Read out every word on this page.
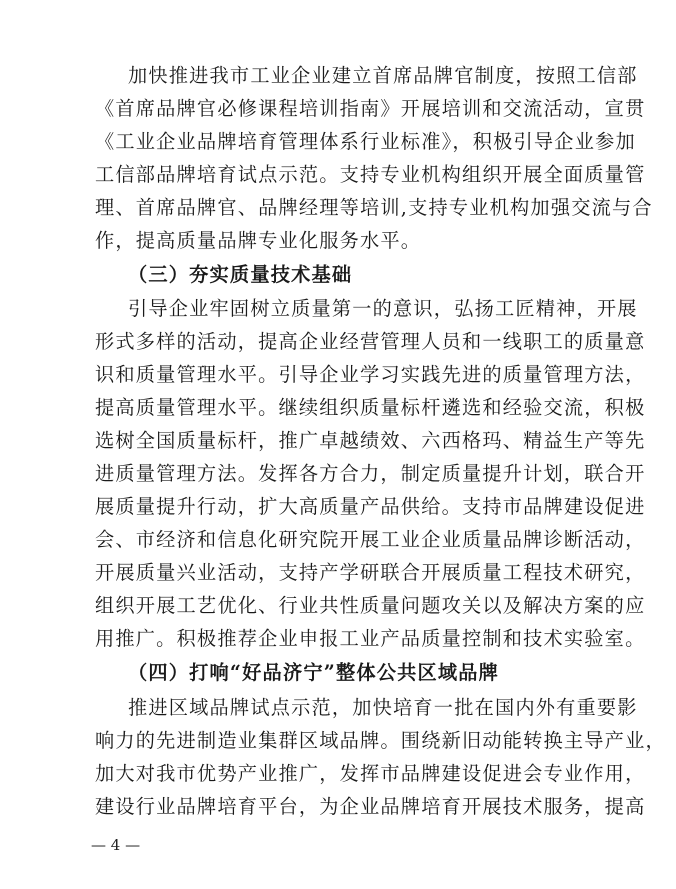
加快推进我市工业企业建立首席品牌官制度，按照工信部
《首席品牌官必修课程培训指南》开展培训和交流活动，宣贯
《工业企业品牌培育管理体系行业标准》，积极引导企业参加
工信部品牌培育试点示范。支持专业机构组织开展全面质量管
理、首席品牌官、品牌经理等培训,支持专业机构加强交流与合
作，提高质量品牌专业化服务水平。
（三）夯实质量技术基础
引导企业牢固树立质量第一的意识，弘扬工匠精神，开展
形式多样的活动，提高企业经营管理人员和一线职工的质量意
识和质量管理水平。引导企业学习实践先进的质量管理方法，
提高质量管理水平。继续组织质量标杆遴选和经验交流，积极
选树全国质量标杆，推广卓越绩效、六西格玛、精益生产等先
进质量管理方法。发挥各方合力，制定质量提升计划，联合开
展质量提升行动，扩大高质量产品供给。支持市品牌建设促进
会、市经济和信息化研究院开展工业企业质量品牌诊断活动，
开展质量兴业活动，支持产学研联合开展质量工程技术研究，
组织开展工艺优化、行业共性质量问题攻关以及解决方案的应
用推广。积极推荐企业申报工业产品质量控制和技术实验室。
（四）打响“好品济宁”整体公共区域品牌
推进区域品牌试点示范，加快培育一批在国内外有重要影
响力的先进制造业集群区域品牌。围绕新旧动能转换主导产业，
加大对我市优势产业推广，发挥市品牌建设促进会专业作用，
建设行业品牌培育平台，为企业品牌培育开展技术服务，提高
— 4 —
